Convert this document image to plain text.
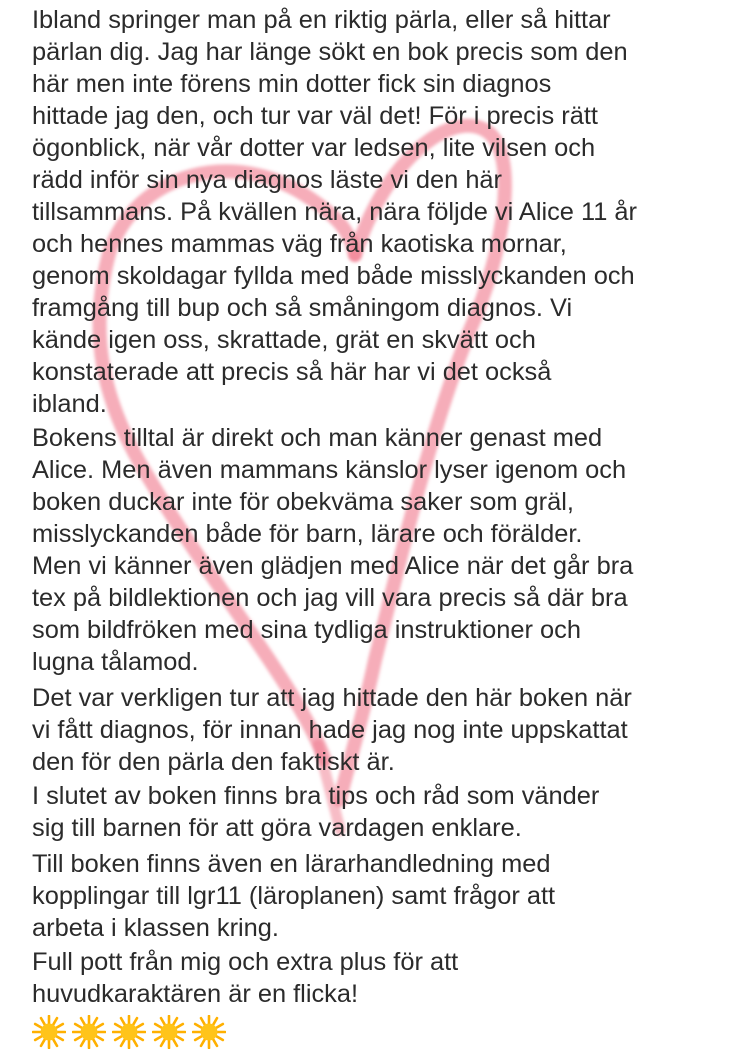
Ibland springer man på en riktig pärla, eller så hittar
pärlan dig. Jag har länge sökt en bok precis som den
här men inte förens min dotter fick sin diagnos
hittade jag den, och tur var väl det! För i precis rätt
ögonblick, när vår dotter var ledsen, lite vilsen och
rädd inför sin nya diagnos läste vi den här
tillsammans. På kvällen nära, nära följde vi Alice 11 år
och hennes mammas väg från kaotiska mornar,
genom skoldagar fyllda med både misslyckanden och
framgång till bup och så småningom diagnos. Vi
kände igen oss, skrattade, grät en skvätt och
konstaterade att precis så här har vi det också
ibland.
Bokens tilltal är direkt och man känner genast med
Alice. Men även mammans känslor lyser igenom och
boken duckar inte för obekväma saker som gräl,
misslyckanden både för barn, lärare och förälder.
Men vi känner även glädjen med Alice när det går bra
tex på bildlektionen och jag vill vara precis så där bra
som bildfröken med sina tydliga instruktioner och
lugna tålamod.
Det var verkligen tur att jag hittade den här boken när
vi fått diagnos, för innan hade jag nog inte uppskattat
den för den pärla den faktiskt är.
I slutet av boken finns bra tips och råd som vänder
sig till barnen för att göra vardagen enklare.
Till boken finns även en lärarhandledning med
kopplingar till lgr11 (läroplanen) samt frågor att
arbeta i klassen kring.
Full pott från mig och extra plus för att
huvudkaraktären är en flicka!
